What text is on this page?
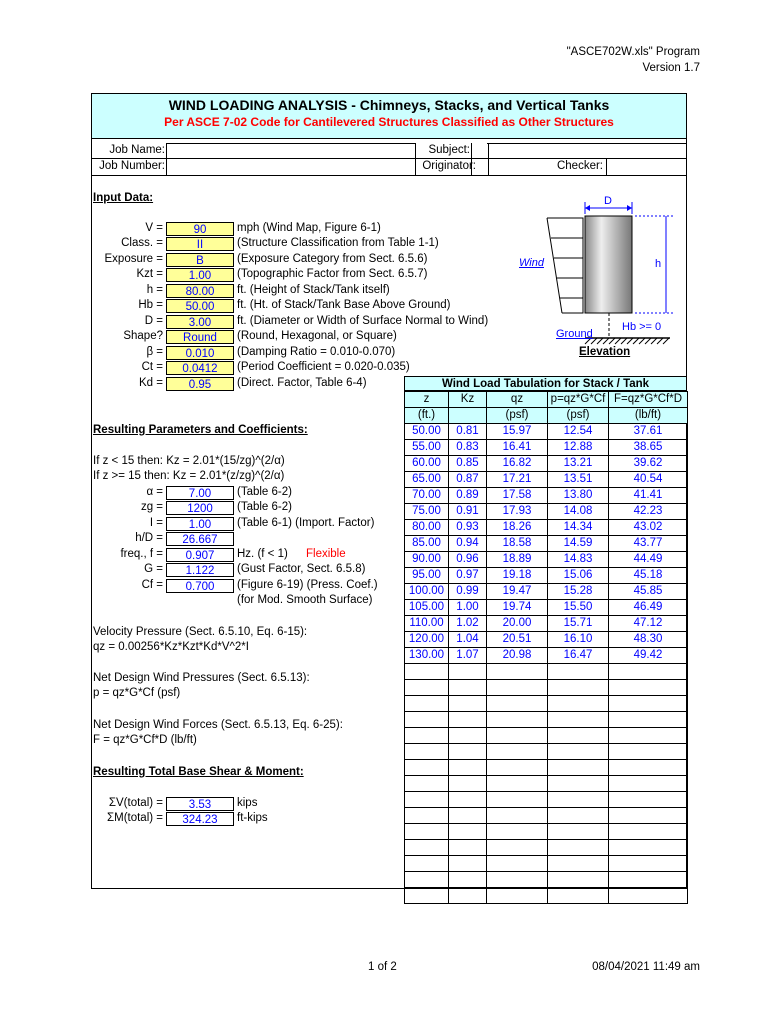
"ASCE702W.xls" Program
Version 1.7
WIND LOADING ANALYSIS - Chimneys, Stacks, and Vertical Tanks
Per ASCE 7-02 Code for Cantilevered Structures Classified as Other Structures
Job Name:
Job Number:
Subject:
Originator:	Checker:
Input Data:
V =	90	mph (Wind Map, Figure 6-1)
Class. =	II	(Structure Classification from Table 1-1)
Exposure =	B	(Exposure Category from Sect. 6.5.6)
Kzt =	1.00	(Topographic Factor from Sect. 6.5.7)
h =	80.00	ft. (Height of Stack/Tank itself)
Hb =	50.00	ft. (Ht. of Stack/Tank Base Above Ground)
D =	3.00	ft. (Diameter or Width of Surface Normal to Wind)
Shape?	Round	(Round, Hexagonal, or Square)
β =	0.010	(Damping Ratio = 0.010-0.070)
Ct =	0.0412	(Period Coefficient = 0.020-0.035)
Kd =	0.95	(Direct. Factor, Table 6-4)
D
Wind	h
Hb >= 0
Ground
Elevation
Resulting Parameters and Coefficients:
If z < 15 then: Kz = 2.01*(15/zg)^(2/α)
If z >= 15 then: Kz = 2.01*(z/zg)^(2/α)
α =	7.00	(Table 6-2)
zg =	1200	(Table 6-2)
I =	1.00	(Table 6-1) (Import. Factor)
h/D =	26.667
freq., f =	0.907	Hz. (f < 1) Flexible
G =	1.122	(Gust Factor, Sect. 6.5.8)
Cf =	0.700	(Figure 6-19) (Press. Coef.)
(for Mod. Smooth Surface)
Velocity Pressure (Sect. 6.5.10, Eq. 6-15):
qz = 0.00256*Kz*Kzt*Kd*V^2*I
Net Design Wind Pressures (Sect. 6.5.13):
p = qz*G*Cf (psf)
Net Design Wind Forces (Sect. 6.5.13, Eq. 6-25):
F = qz*G*Cf*D (lb/ft)
Resulting Total Base Shear & Moment:
ΣV(total) =	3.53	kips
ΣM(total) =	324.23	ft-kips
Wind Load Tabulation for Stack / Tank
z	Kz	qz	p=qz*G*Cf	F=qz*G*Cf*D
(ft.)		(psf)	(psf)	(lb/ft)
50.00	0.81	15.97	12.54	37.61
55.00	0.83	16.41	12.88	38.65
60.00	0.85	16.82	13.21	39.62
65.00	0.87	17.21	13.51	40.54
70.00	0.89	17.58	13.80	41.41
75.00	0.91	17.93	14.08	42.23
80.00	0.93	18.26	14.34	43.02
85.00	0.94	18.58	14.59	43.77
90.00	0.96	18.89	14.83	44.49
95.00	0.97	19.18	15.06	45.18
100.00	0.99	19.47	15.28	45.85
105.00	1.00	19.74	15.50	46.49
110.00	1.02	20.00	15.71	47.12
120.00	1.04	20.51	16.10	48.30
130.00	1.07	20.98	16.47	49.42

1 of 2	08/04/2021 11:49 am
